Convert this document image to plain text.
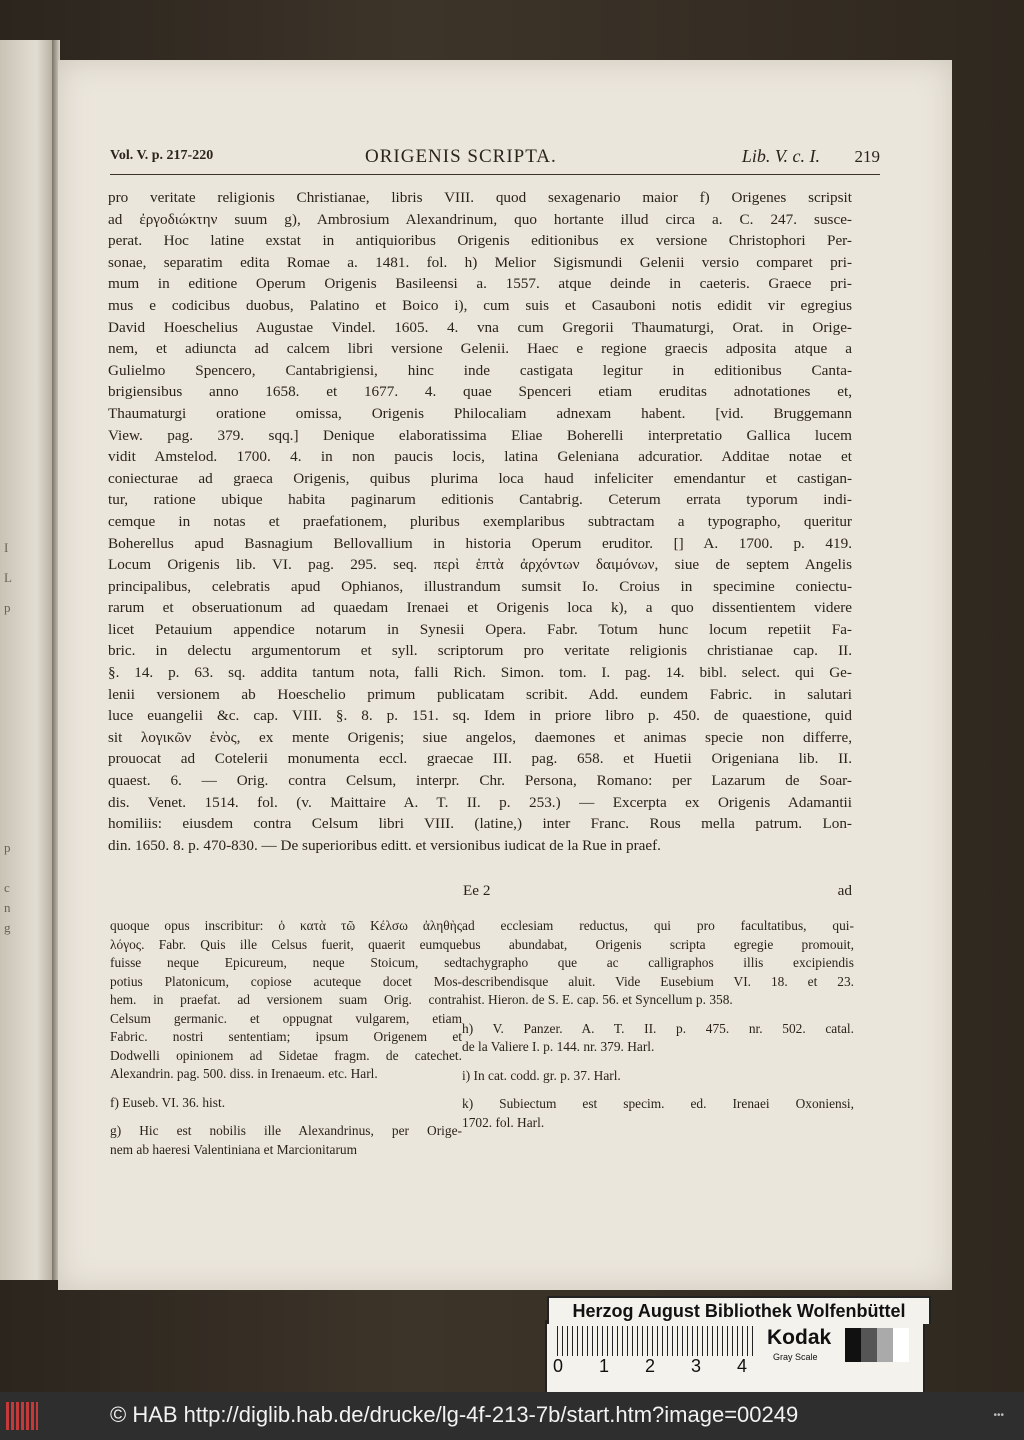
I
L
p
p
c
n
g
Vol. V. p. 217-220	ORIGENIS SCRIPTA.	Lib. V. c. I. 219
pro veritate religionis Christianae, libris VIII. quod sexagenario maior f) Origenes scripsit
ad ἐργοδιώκτην suum g), Ambrosium Alexandrinum, quo hortante illud circa a. C. 247. susce-
perat. Hoc latine exstat in antiquioribus Origenis editionibus ex versione Christophori Per-
sonae, separatim edita Romae a. 1481. fol. h) Melior Sigismundi Gelenii versio comparet pri-
mum in editione Operum Origenis Basileensi a. 1557. atque deinde in caeteris. Graece pri-
mus e codicibus duobus, Palatino et Boico i), cum suis et Casauboni notis edidit vir egregius
David Hoeschelius Augustae Vindel. 1605. 4. vna cum Gregorii Thaumaturgi, Orat. in Orige-
nem, et adiuncta ad calcem libri versione Gelenii. Haec e regione graecis adposita atque a
Gulielmo Spencero, Cantabrigiensi, hinc inde castigata legitur in editionibus Canta-
brigiensibus anno 1658. et 1677. 4. quae Spenceri etiam eruditas adnotationes et,
Thaumaturgi oratione omissa, Origenis Philocaliam adnexam habent. [vid. Bruggemann
View. pag. 379. sqq.] Denique elaboratissima Eliae Boherelli interpretatio Gallica lucem
vidit Amstelod. 1700. 4. in non paucis locis, latina Geleniana adcuratior. Additae notae et
coniecturae ad graeca Origenis, quibus plurima loca haud infeliciter emendantur et castigan-
tur, ratione ubique habita paginarum editionis Cantabrig. Ceterum errata typorum indi-
cemque in notas et praefationem, pluribus exemplaribus subtractam a typographo, queritur
Boherellus apud Basnagium Bellovallium in historia Operum eruditor. [] A. 1700. p. 419.
Locum Origenis lib. VI. pag. 295. seq. περὶ ἑπτὰ ἀρχόντων δαιμόνων, siue de septem Angelis
principalibus, celebratis apud Ophianos, illustrandum sumsit Io. Croius in specimine coniectu-
rarum et obseruationum ad quaedam Irenaei et Origenis loca k), a quo dissentientem videre
licet Petauium appendice notarum in Synesii Opera. Fabr. Totum hunc locum repetiit Fa-
bric. in delectu argumentorum et syll. scriptorum pro veritate religionis christianae cap. II.
§. 14. p. 63. sq. addita tantum nota, falli Rich. Simon. tom. I. pag. 14. bibl. select. qui Ge-
lenii versionem ab Hoeschelio primum publicatam scribit. Add. eundem Fabric. in salutari
luce euangelii &c. cap. VIII. §. 8. p. 151. sq. Idem in priore libro p. 450. de quaestione, quid
sit λογικῶν ἑνὸς, ex mente Origenis; siue angelos, daemones et animas specie non differre,
prouocat ad Cotelerii monumenta eccl. graecae III. pag. 658. et Huetii Origeniana lib. II.
quaest. 6. — Orig. contra Celsum, interpr. Chr. Persona, Romano: per Lazarum de Soar-
dis. Venet. 1514. fol. (v. Maittaire A. T. II. p. 253.) — Excerpta ex Origenis Adamantii
homiliis: eiusdem contra Celsum libri VIII. (latine,) inter Franc. Rous mella patrum. Lon-
din. 1650. 8. p. 470-830. — De superioribus editt. et versionibus iudicat de la Rue in praef.
Ee 2	ad

quoque opus inscribitur: ὁ κατὰ τῶ Κέλσω ἀληθὴς

λόγος. Fabr. Quis ille Celsus fuerit, quaerit eumque

fuisse neque Epicureum, neque Stoicum, sed

potius Platonicum, copiose acuteque docet Mos-

hem. in praefat. ad versionem suam Orig. contra

Celsum germanic. et oppugnat vulgarem, etiam

Fabric. nostri sententiam; ipsum Origenem et

Dodwelli opinionem ad Sidetae fragm. de catechet.

Alexandrin. pag. 500. diss. in Irenaeum. etc. Harl.

f) Euseb. VI. 36. hist.

g) Hic est nobilis ille Alexandrinus, per Orige-

nem ab haeresi Valentiniana et Marcionitarum

ad ecclesiam reductus, qui pro facultatibus, qui-

bus abundabat, Origenis scripta egregie promouit,

tachygrapho que ac calligraphos illis excipiendis

describendisque aluit. Vide Eusebium VI. 18. et 23.

hist. Hieron. de S. E. cap. 56. et Syncellum p. 358.

h) V. Panzer. A. T. II. p. 475. nr. 502. catal.

de la Valiere I. p. 144. nr. 379. Harl.

i) In cat. codd. gr. p. 37. Harl.

k) Subiectum est specim. ed. Irenaei Oxoniensi,

1702. fol. Harl.

Herzog August Bibliothek Wolfenbüttel
0 1 2 3 4
Kodak
Gray Scale
© HAB http://diglib.hab.de/drucke/lg-4f-213-7b/start.htm?image=00249	•••
